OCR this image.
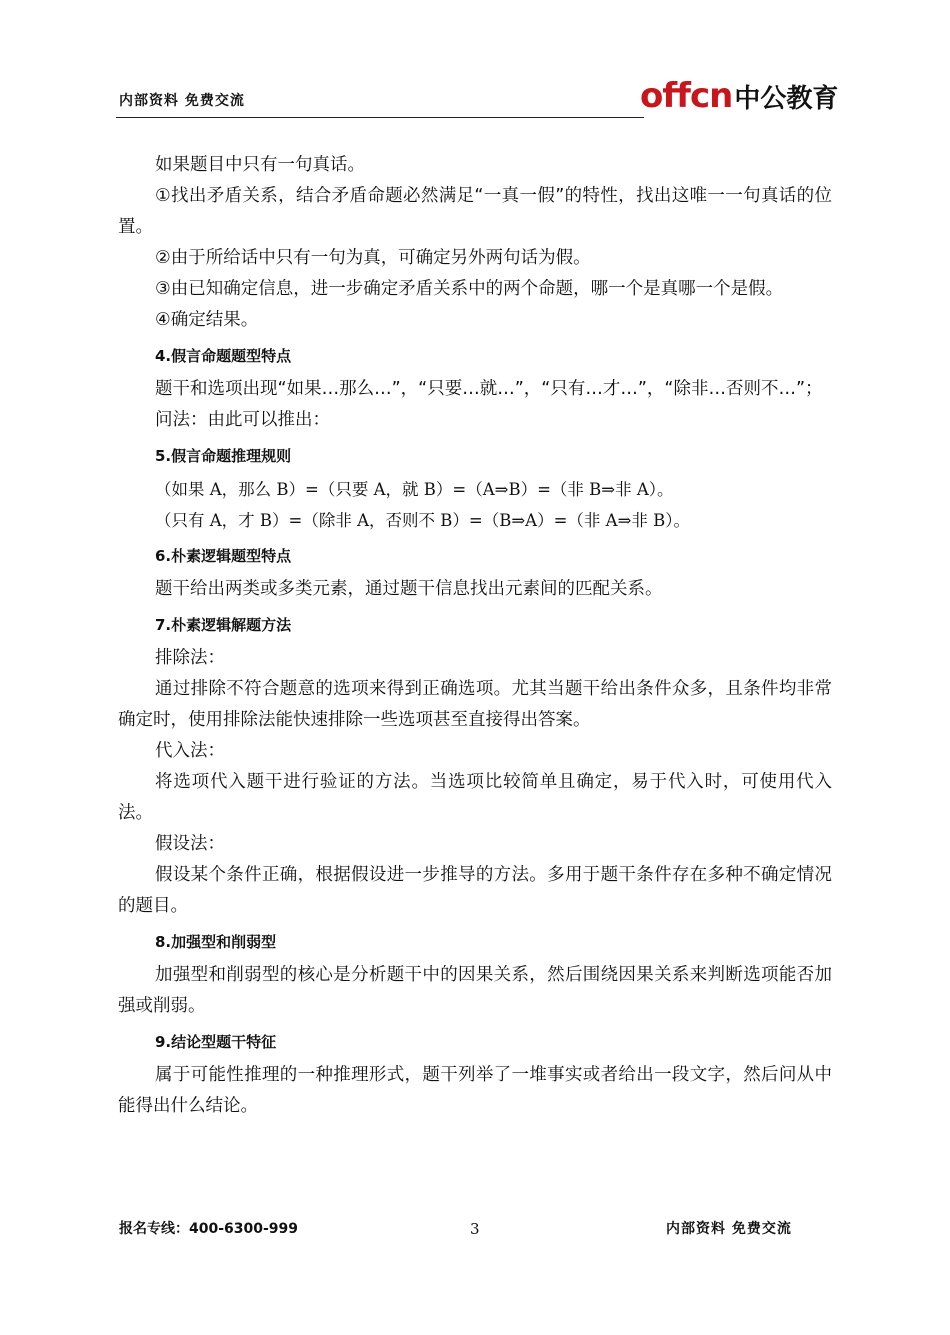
内部资料 免费交流	offcn中公教育
如果题目中只有一句真话。
①找出矛盾关系，结合矛盾命题必然满足“一真一假”的特性，找出这唯一一句真话的位置。
②由于所给话中只有一句为真，可确定另外两句话为假。
③由已知确定信息，进一步确定矛盾关系中的两个命题，哪一个是真哪一个是假。
④确定结果。
4.假言命题题型特点
题干和选项出现“如果…那么…”，“只要…就…”，“只有…才…”，“除非…否则不…”；
问法：由此可以推出：
5.假言命题推理规则
（如果 A，那么 B）=（只要 A，就 B）=（A⇒B）=（非 B⇒非 A）。
（只有 A，才 B）=（除非 A，否则不 B）=（B⇒A）=（非 A⇒非 B）。
6.朴素逻辑题型特点
题干给出两类或多类元素，通过题干信息找出元素间的匹配关系。
7.朴素逻辑解题方法
排除法：
通过排除不符合题意的选项来得到正确选项。尤其当题干给出条件众多，且条件均非常确定时，使用排除法能快速排除一些选项甚至直接得出答案。
代入法：
将选项代入题干进行验证的方法。当选项比较简单且确定，易于代入时，可使用代入法。
假设法：
假设某个条件正确，根据假设进一步推导的方法。多用于题干条件存在多种不确定情况的题目。
8.加强型和削弱型
加强型和削弱型的核心是分析题干中的因果关系，然后围绕因果关系来判断选项能否加强或削弱。
9.结论型题干特征
属于可能性推理的一种推理形式，题干列举了一堆事实或者给出一段文字，然后问从中能得出什么结论。
报名专线：400-6300-999	3	内部资料 免费交流
